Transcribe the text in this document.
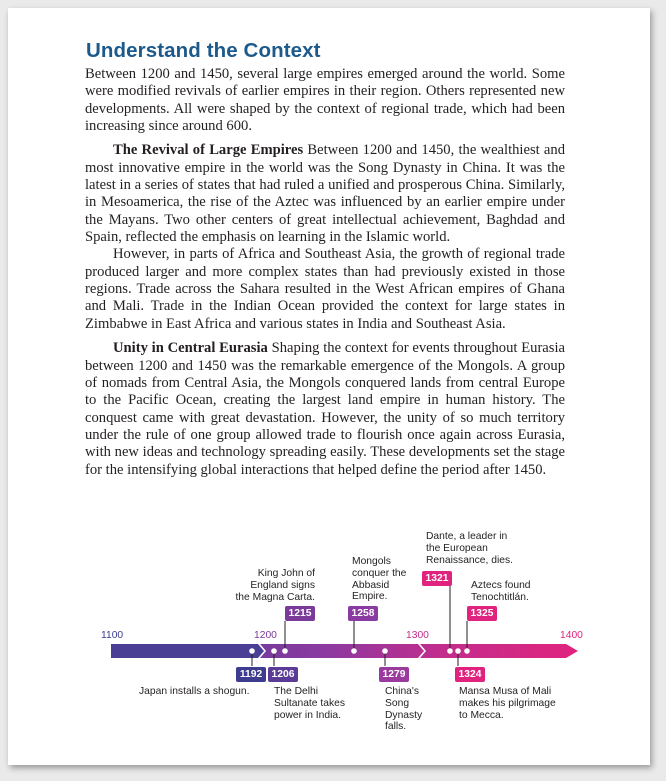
Understand the Context

Between 1200 and 1450, several large empires emerged around the world. Some were modified revivals of earlier empires in their region. Others represented new developments. All were shaped by the context of regional trade, which had been increasing since around 600.

The Revival of Large Empires Between 1200 and 1450, the wealthiest and most innovative empire in the world was the Song Dynasty in China. It was the latest in a series of states that had ruled a unified and prosperous China. Similarly, in Mesoamerica, the rise of the Aztec was influenced by an earlier empire under the Mayans. Two other centers of great intellectual achievement, Baghdad and Spain, reflected the emphasis on learning in the Islamic world.

However, in parts of Africa and Southeast Asia, the growth of regional trade produced larger and more complex states than had previously existed in those regions. Trade across the Sahara resulted in the West African empires of Ghana and Mali. Trade in the Indian Ocean provided the context for large states in Zimbabwe in East Africa and various states in India and Southeast Asia.

Unity in Central Eurasia Shaping the context for events throughout Eurasia between 1200 and 1450 was the remarkable emergence of the Mongols. A group of nomads from Central Asia, the Mongols conquered lands from central Europe to the Pacific Ocean, creating the largest land empire in human history. The conquest came with great devastation. However, the unity of so much territory under the rule of one group allowed trade to flourish once again across Eurasia, with new ideas and technology spreading easily. These developments set the stage for the intensifying global interactions that helped define the period after 1450.

1100	1200	1300	1400
1192 1206
1215	1258
1279
1321
1324
1325

Japan installs a shogun. The Delhi
Sultanate takes
power in India.
King John of
England signs
the Magna Carta.
Mongols
conquer the
Abbasid
Empire.
China's
Song
Dynasty
falls.
Dante, a leader in
the European
Renaissance, dies.
Mansa Musa of Mali
makes his pilgrimage
to Mecca.
Aztecs found
Tenochtitlán.
